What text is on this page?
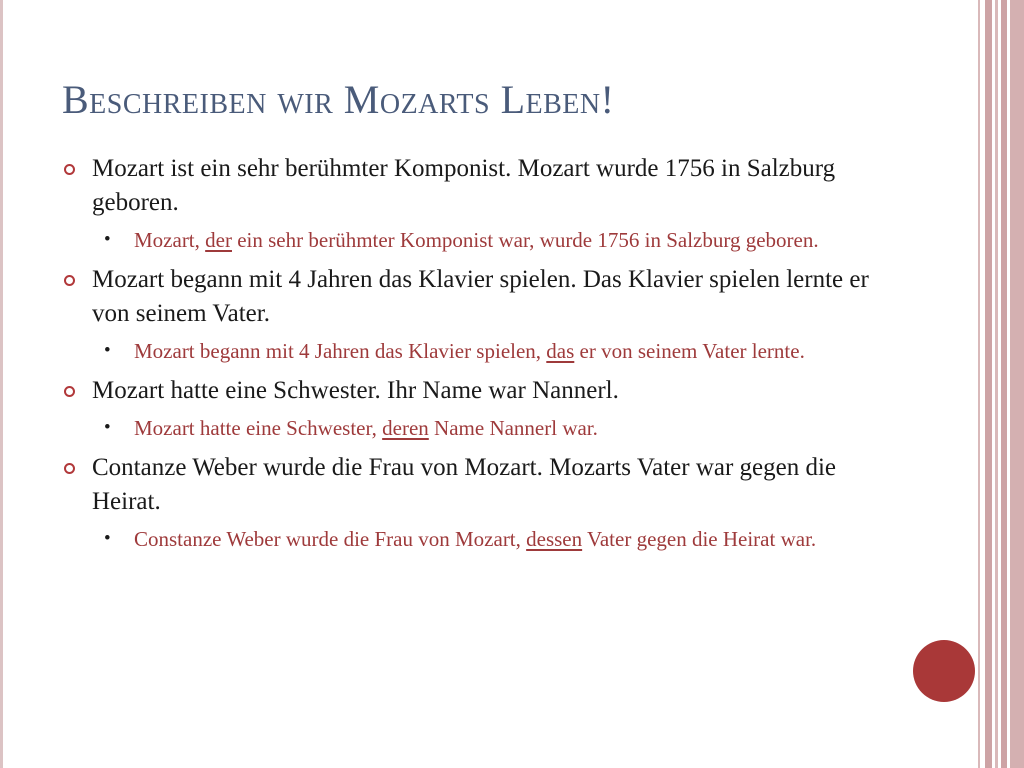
Beschreiben wir Mozarts Leben!
Mozart ist ein sehr berühmter Komponist. Mozart wurde 1756 in Salzburg geboren.
• Mozart, der ein sehr berühmter Komponist war, wurde 1756 in Salzburg geboren.
Mozart begann mit 4 Jahren das Klavier spielen. Das Klavier spielen lernte er von seinem Vater.
• Mozart begann mit 4 Jahren das Klavier spielen, das er von seinem Vater lernte.
Mozart hatte eine Schwester. Ihr Name war Nannerl.
• Mozart hatte eine Schwester, deren Name Nannerl war.
Contanze Weber wurde die Frau von Mozart. Mozarts Vater war gegen die Heirat.
• Constanze Weber wurde die Frau von Mozart, dessen Vater gegen die Heirat war.
